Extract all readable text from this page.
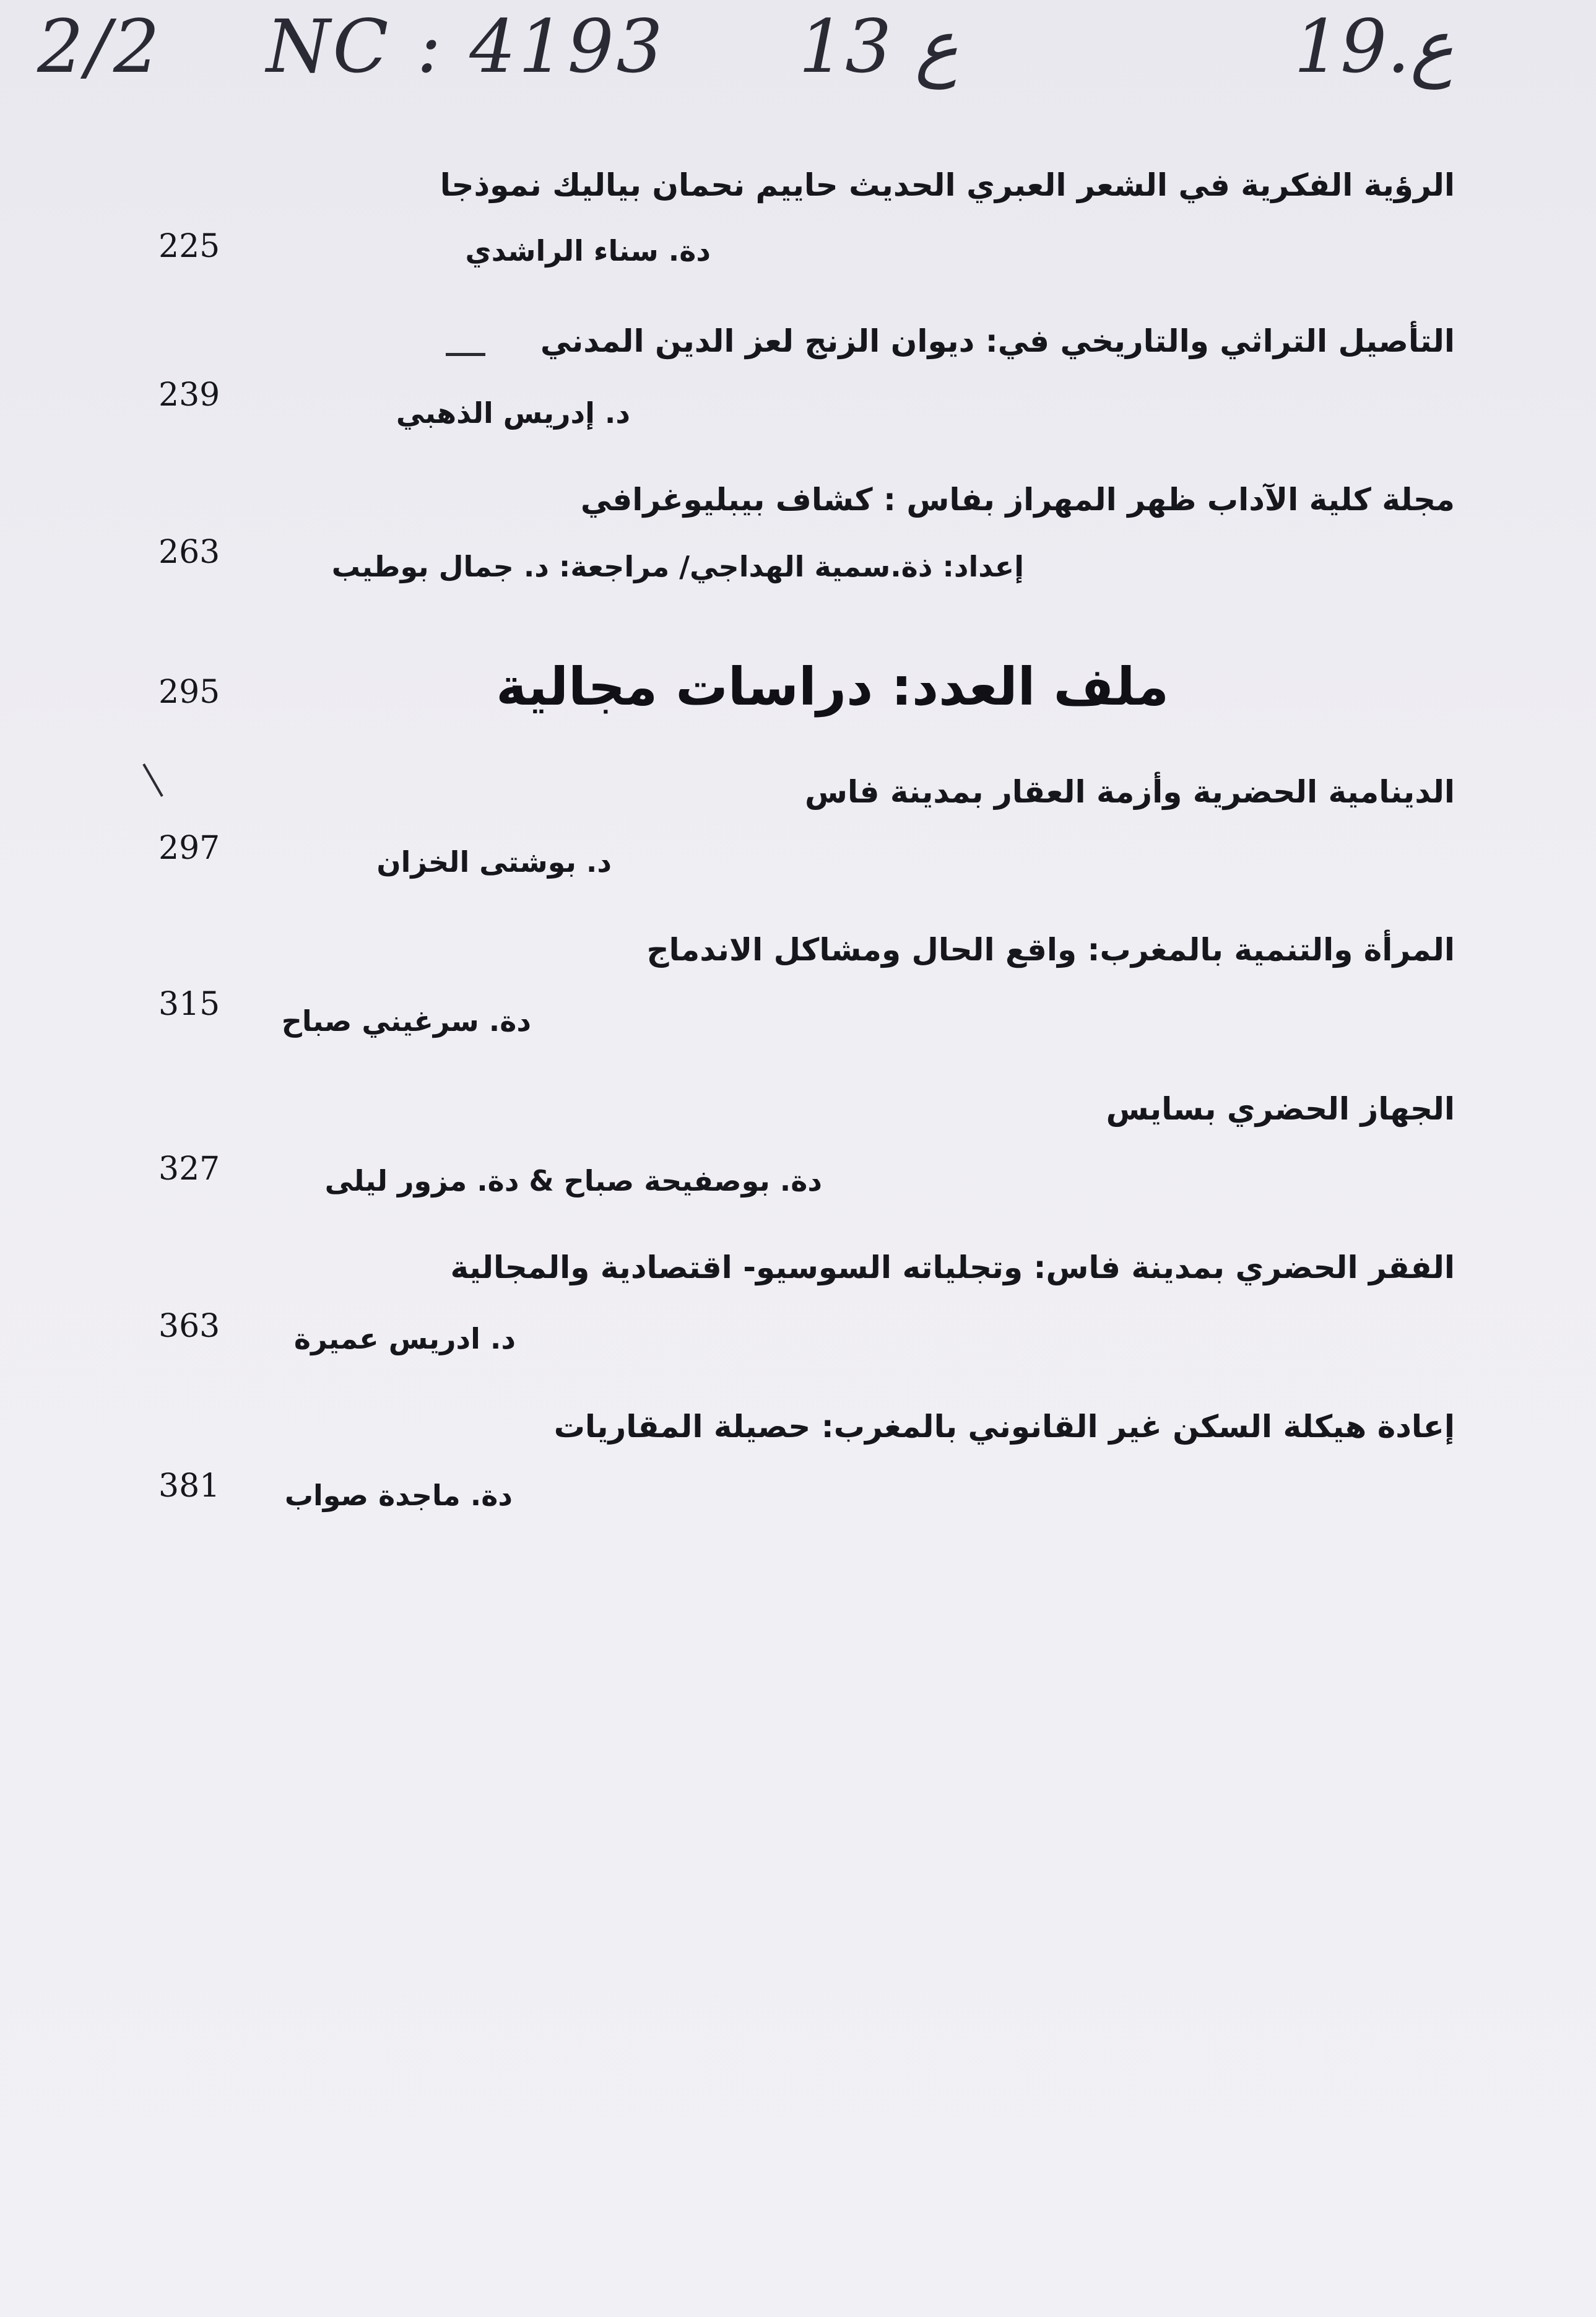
2/2 NC : 4193 ع 13	ع.19
الرؤية الفكرية في الشعر العبري الحديث حاييم نحمان بياليك نموذجا
دة. سناء الراشدي
225
التأصيل التراثي والتاريخي في: ديوان الزنج لعز الدين المدني
د. إدريس الذهبي
239
مجلة كلية الآداب ظهر المهراز بفاس : كشاف بيبليوغرافي
إعداد: ذة.سمية الهداجي/ مراجعة: د. جمال بوطيب
263
ملف العدد: دراسات مجالية
295
الدينامية الحضرية وأزمة العقار بمدينة فاس
د. بوشتى الخزان
297
المرأة والتنمية بالمغرب: واقع الحال ومشاكل الاندماج
دة. سرغيني صباح
315
الجهاز الحضري بسايس
دة. بوصفيحة صباح & دة. مزور ليلى
327
الفقر الحضري بمدينة فاس: وتجلياته السوسيو- اقتصادية والمجالية
د. ادريس عميرة
363
إعادة هيكلة السكن غير القانوني بالمغرب: حصيلة المقاريات
دة. ماجدة صواب
381
